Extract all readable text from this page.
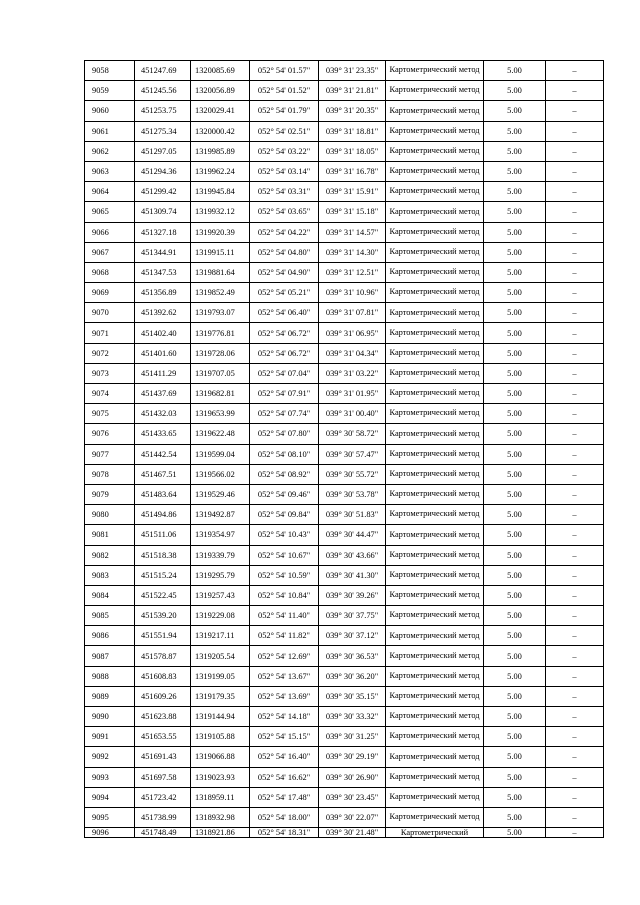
9058	451247.69	1320085.69	052° 54' 01.57"	039° 31' 23.35"	Картометрический метод	5.00	–
9059	451245.56	1320056.89	052° 54' 01.52"	039° 31' 21.81"	Картометрический метод	5.00	–
9060	451253.75	1320029.41	052° 54' 01.79"	039° 31' 20.35"	Картометрический метод	5.00	–
9061	451275.34	1320000.42	052° 54' 02.51"	039° 31' 18.81"	Картометрический метод	5.00	–
9062	451297.05	1319985.89	052° 54' 03.22"	039° 31' 18.05"	Картометрический метод	5.00	–
9063	451294.36	1319962.24	052° 54' 03.14"	039° 31' 16.78"	Картометрический метод	5.00	–
9064	451299.42	1319945.84	052° 54' 03.31"	039° 31' 15.91"	Картометрический метод	5.00	–
9065	451309.74	1319932.12	052° 54' 03.65"	039° 31' 15.18"	Картометрический метод	5.00	–
9066	451327.18	1319920.39	052° 54' 04.22"	039° 31' 14.57"	Картометрический метод	5.00	–
9067	451344.91	1319915.11	052° 54' 04.80"	039° 31' 14.30"	Картометрический метод	5.00	–
9068	451347.53	1319881.64	052° 54' 04.90"	039° 31' 12.51"	Картометрический метод	5.00	–
9069	451356.89	1319852.49	052° 54' 05.21"	039° 31' 10.96"	Картометрический метод	5.00	–
9070	451392.62	1319793.07	052° 54' 06.40"	039° 31' 07.81"	Картометрический метод	5.00	–
9071	451402.40	1319776.81	052° 54' 06.72"	039° 31' 06.95"	Картометрический метод	5.00	–
9072	451401.60	1319728.06	052° 54' 06.72"	039° 31' 04.34"	Картометрический метод	5.00	–
9073	451411.29	1319707.05	052° 54' 07.04"	039° 31' 03.22"	Картометрический метод	5.00	–
9074	451437.69	1319682.81	052° 54' 07.91"	039° 31' 01.95"	Картометрический метод	5.00	–
9075	451432.03	1319653.99	052° 54' 07.74"	039° 31' 00.40"	Картометрический метод	5.00	–
9076	451433.65	1319622.48	052° 54' 07.80"	039° 30' 58.72"	Картометрический метод	5.00	–
9077	451442.54	1319599.04	052° 54' 08.10"	039° 30' 57.47"	Картометрический метод	5.00	–
9078	451467.51	1319566.02	052° 54' 08.92"	039° 30' 55.72"	Картометрический метод	5.00	–
9079	451483.64	1319529.46	052° 54' 09.46"	039° 30' 53.78"	Картометрический метод	5.00	–
9080	451494.86	1319492.87	052° 54' 09.84"	039° 30' 51.83"	Картометрический метод	5.00	–
9081	451511.06	1319354.97	052° 54' 10.43"	039° 30' 44.47"	Картометрический метод	5.00	–
9082	451518.38	1319339.79	052° 54' 10.67"	039° 30' 43.66"	Картометрический метод	5.00	–
9083	451515.24	1319295.79	052° 54' 10.59"	039° 30' 41.30"	Картометрический метод	5.00	–
9084	451522.45	1319257.43	052° 54' 10.84"	039° 30' 39.26"	Картометрический метод	5.00	–
9085	451539.20	1319229.08	052° 54' 11.40"	039° 30' 37.75"	Картометрический метод	5.00	–
9086	451551.94	1319217.11	052° 54' 11.82"	039° 30' 37.12"	Картометрический метод	5.00	–
9087	451578.87	1319205.54	052° 54' 12.69"	039° 30' 36.53"	Картометрический метод	5.00	–
9088	451608.83	1319199.05	052° 54' 13.67"	039° 30' 36.20"	Картометрический метод	5.00	–
9089	451609.26	1319179.35	052° 54' 13.69"	039° 30' 35.15"	Картометрический метод	5.00	–
9090	451623.88	1319144.94	052° 54' 14.18"	039° 30' 33.32"	Картометрический метод	5.00	–
9091	451653.55	1319105.88	052° 54' 15.15"	039° 30' 31.25"	Картометрический метод	5.00	–
9092	451691.43	1319066.88	052° 54' 16.40"	039° 30' 29.19"	Картометрический метод	5.00	–
9093	451697.58	1319023.93	052° 54' 16.62"	039° 30' 26.90"	Картометрический метод	5.00	–
9094	451723.42	1318959.11	052° 54' 17.48"	039° 30' 23.45"	Картометрический метод	5.00	–
9095	451738.99	1318932.98	052° 54' 18.00"	039° 30' 22.07"	Картометрический метод	5.00	–
9096	451748.49	1318921.86	052° 54' 18.31"	039° 30' 21.48"	Картометрический	5.00	–
